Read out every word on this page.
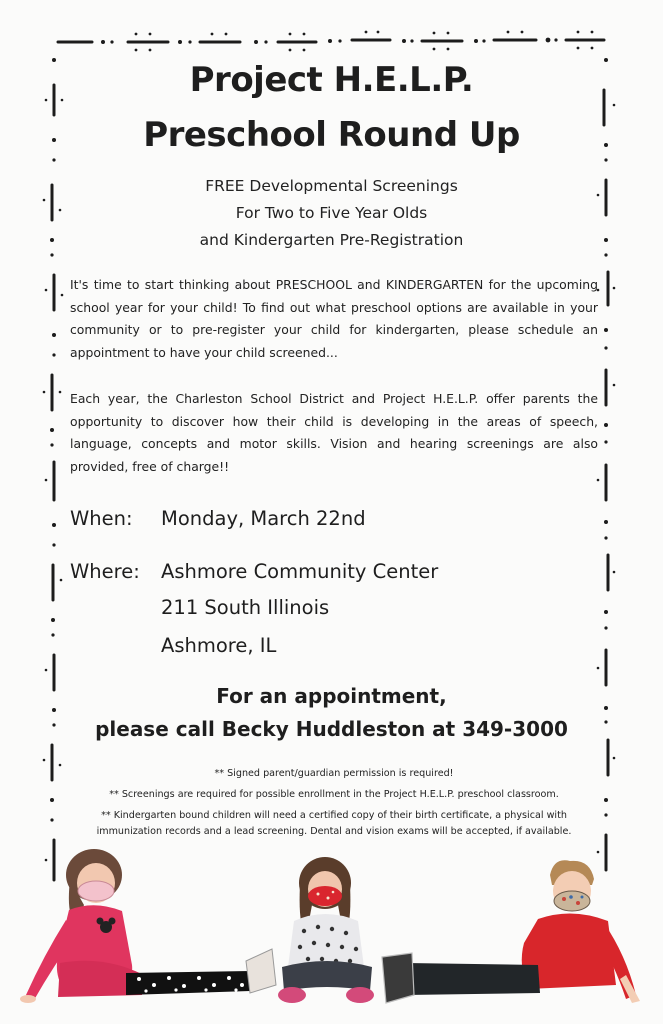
Project H.E.L.P.
Preschool Round Up
FREE Developmental Screenings
For Two to Five Year Olds
and Kindergarten Pre-Registration
It's time to start thinking about PRESCHOOL and KINDERGARTEN for the upcoming school year for your child! To find out what preschool options are available in your community or to pre-register your child for kindergarten, please schedule an appointment to have your child screened...
Each year, the Charleston School District and Project H.E.L.P. offer parents the opportunity to discover how their child is developing in the areas of speech, language, concepts and motor skills. Vision and hearing screenings are also provided, free of charge!!
When: Monday, March 22nd
Where: Ashmore Community Center
211 South Illinois
Ashmore, IL
For an appointment,
please call Becky Huddleston at 349-3000
** Signed parent/guardian permission is required!
** Screenings are required for possible enrollment in the Project H.E.L.P. preschool classroom.
** Kindergarten bound children will need a certified copy of their birth certificate, a physical with immunization records and a lead screening. Dental and vision exams will be accepted, if available.
